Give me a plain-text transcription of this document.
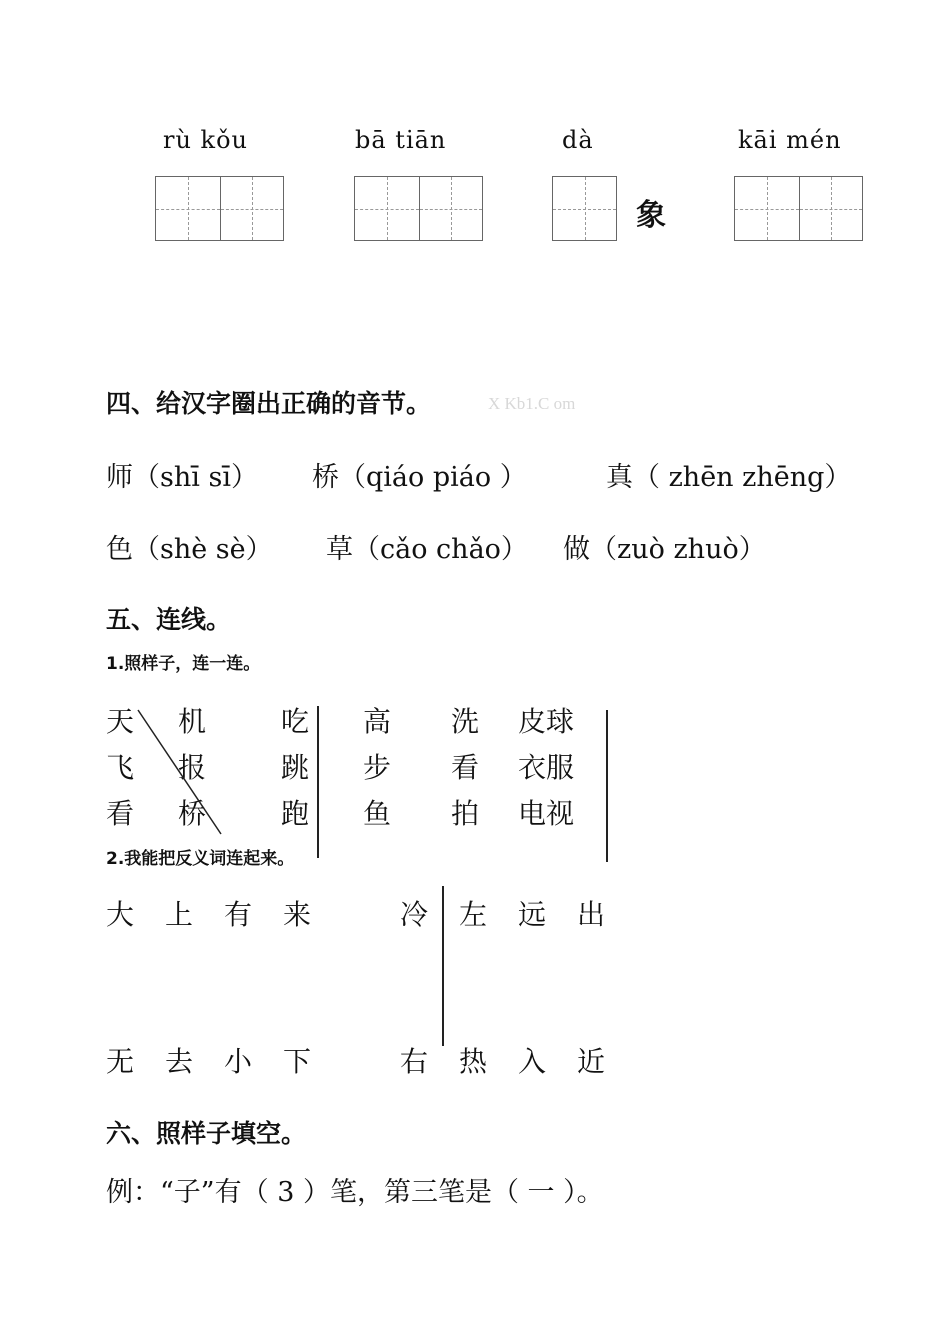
rù kǒu	bā tiān	dà
象
kāi mén
四、给汉字圈出正确的音节。	X Kb1.C om
师（shī sī） 桥（qiáo piáo ）	真（ zhēn zhēng）
色（shè sè） 草（cǎo chǎo） 做（zuò zhuò）
五、连线。
1.照样子，连一连。
天 机	吃 高 洗 皮球
飞 报	跳 步 看 衣服
看 桥	跑 鱼 拍 电视
2.我能把反义词连起来。
大 上 有 来	冷 左 远 出
无 去 小 下	右 热 入 近
六、照样子填空。
例：“子”有（ 3 ）笔，第三笔是（ 一 ）。
